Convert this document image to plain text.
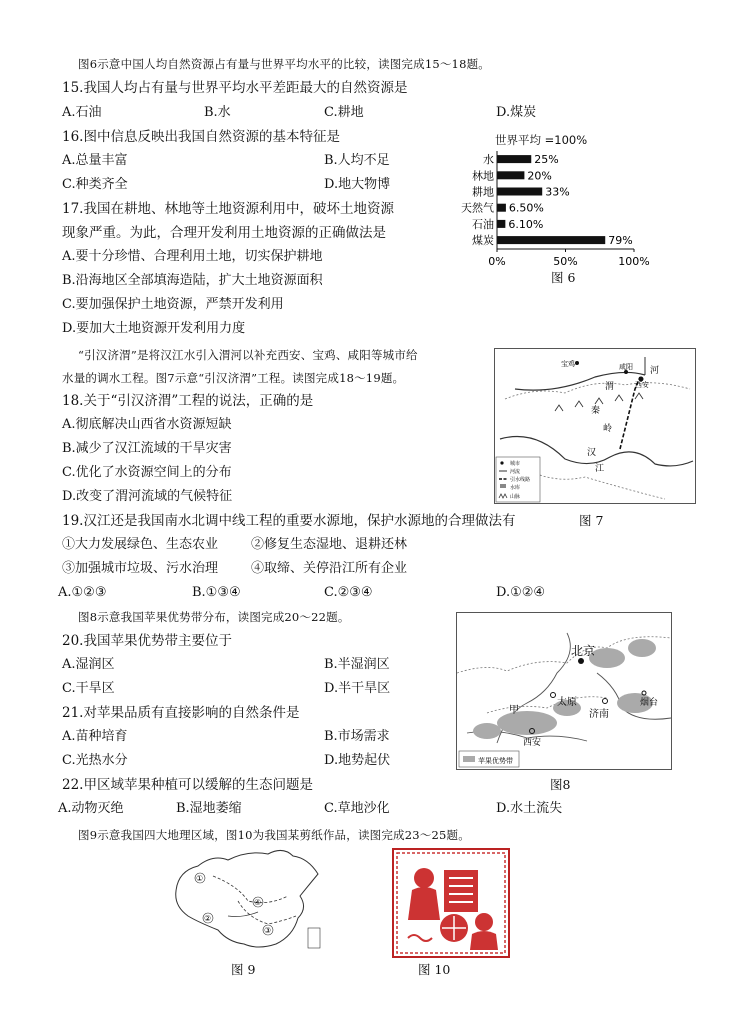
图6示意中国人均自然资源占有量与世界平均水平的比较，读图完成15～18题。
15.我国人均占有量与世界平均水平差距最大的自然资源是
A.石油	B.水	C.耕地	D.煤炭
16.图中信息反映出我国自然资源的基本特征是
A.总量丰富	B.人均不足
C.种类齐全	D.地大物博
17.我国在耕地、林地等土地资源利用中，破坏土地资源
现象严重。为此，合理开发利用土地资源的正确做法是
A.要十分珍惜、合理利用土地，切实保护耕地
B.沿海地区全部填海造陆，扩大土地资源面积
C.要加强保护土地资源，严禁开发利用
D.要加大土地资源开发利用力度
世界平均 =100%
水	25%
林地	20%
耕地	33%
天然气 6.50%
石油 6.10%
煤炭	79%
0%	50%	100%
图 6
“引汉济渭”是将汉江水引入渭河以补充西安、宝鸡、咸阳等城市给
水量的调水工程。图7示意“引汉济渭”工程。读图完成18～19题。
宝鸡	咸阳
西安
渭
河
秦
岭
汉
江
城市
河流
引水线路
水库
山脉
18.关于“引汉济渭”工程的说法，正确的是
A.彻底解决山西省水资源短缺
B.减少了汉江流域的干旱灾害
C.优化了水资源空间上的分布
D.改变了渭河流域的气候特征
19.汉江还是我国南水北调中线工程的重要水源地，保护水源地的合理做法有	图 7
①大力发展绿色、生态农业	②修复生态湿地、退耕还林
③加强城市垃圾、污水治理	④取缔、关停沿江所有企业
A.①②③	B.①③④	C.②③④	D.①②④
图8示意我国苹果优势带分布，读图完成20～22题。
北京
太原
济南
烟台
甲
西安
苹果优势带
20.我国苹果优势带主要位于
A.湿润区	B.半湿润区
C.干旱区	D.半干旱区
21.对苹果品质有直接影响的自然条件是
A.苗种培育	B.市场需求
C.光热水分	D.地势起伏
22.甲区域苹果种植可以缓解的生态问题是	图8
A.动物灭绝	B.湿地萎缩	C.草地沙化	D.水土流失
图9示意我国四大地理区域，图10为我国某剪纸作品，读图完成23～25题。
①
②
③
④
图 9	图 10
